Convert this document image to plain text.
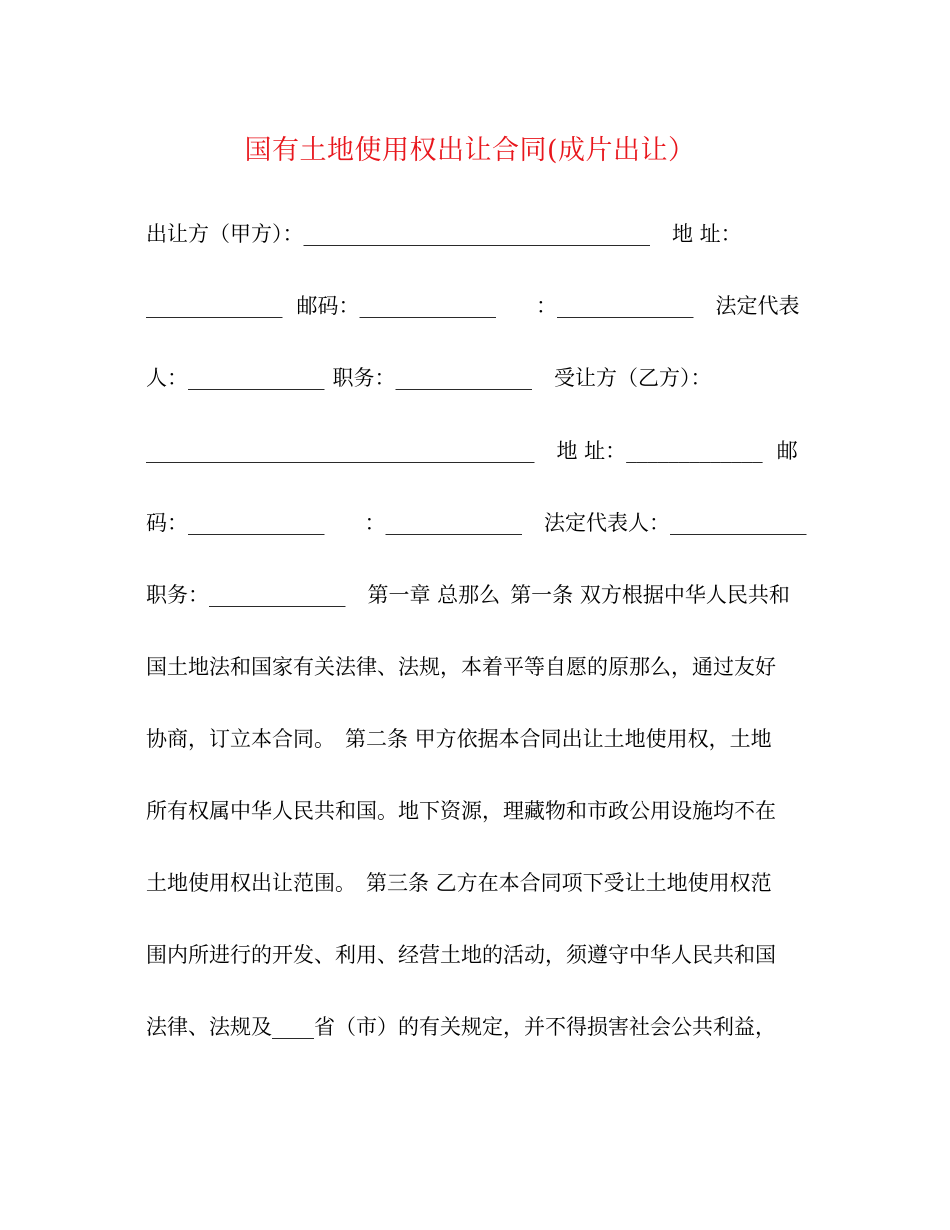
国有土地使用权出让合同(成片出让）
出让方（甲方）：_________________________________ 地 址：
_____________ 邮码：_____________ ：_____________ 法定代表
人：_____________ 职务：_____________ 受让方（乙方）：
_____________________________________ 地 址：_____________ 邮
码：_____________ ：_____________ 法定代表人：_____________
职务：_____________ 第一章 总那么 第一条 双方根据中华人民共和
国土地法和国家有关法律、法规，本着平等自愿的原那么，通过友好
协商，订立本合同。 第二条 甲方依据本合同出让土地使用权，土地
所有权属中华人民共和国。地下资源，理藏物和市政公用设施均不在
土地使用权出让范围。 第三条 乙方在本合同项下受让土地使用权范
围内所进行的开发、利用、经营土地的活动，须遵守中华人民共和国
法律、法规及____省（市）的有关规定，并不得损害社会公共利益，
